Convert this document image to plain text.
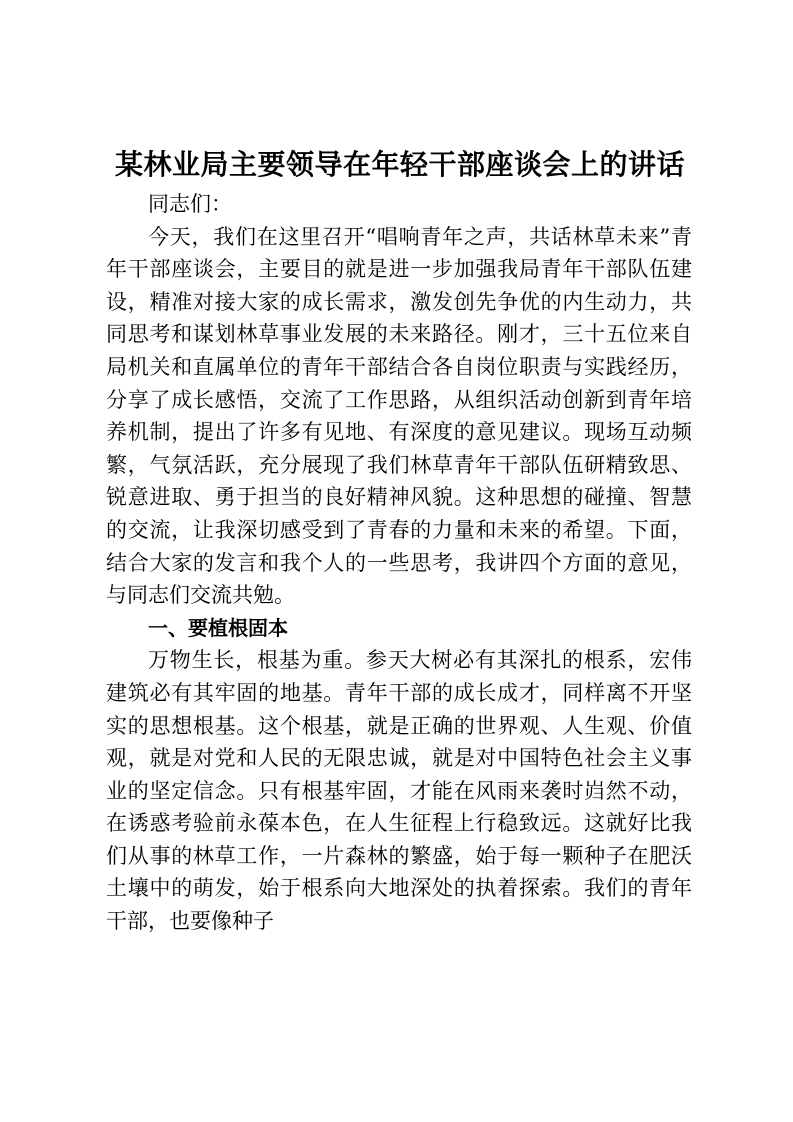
某林业局主要领导在年轻干部座谈会上的讲话

同志们：

今天，我们在这里召开“唱响青年之声，共话林草未来”青年干部座谈会，主要目的就是进一步加强我局青年干部队伍建设，精准对接大家的成长需求，激发创先争优的内生动力，共同思考和谋划林草事业发展的未来路径。刚才，三十五位来自局机关和直属单位的青年干部结合各自岗位职责与实践经历，分享了成长感悟，交流了工作思路，从组织活动创新到青年培养机制，提出了许多有见地、有深度的意见建议。现场互动频繁，气氛活跃，充分展现了我们林草青年干部队伍研精致思、锐意进取、勇于担当的良好精神风貌。这种思想的碰撞、智慧的交流，让我深切感受到了青春的力量和未来的希望。下面，结合大家的发言和我个人的一些思考，我讲四个方面的意见，与同志们交流共勉。

一、要植根固本

万物生长，根基为重。参天大树必有其深扎的根系，宏伟建筑必有其牢固的地基。青年干部的成长成才，同样离不开坚实的思想根基。这个根基，就是正确的世界观、人生观、价值观，就是对党和人民的无限忠诚，就是对中国特色社会主义事业的坚定信念。只有根基牢固，才能在风雨来袭时岿然不动，在诱惑考验前永葆本色，在人生征程上行稳致远。这就好比我们从事的林草工作，一片森林的繁盛，始于每一颗种子在肥沃土壤中的萌发，始于根系向大地深处的执着探索。我们的青年干部，也要像种子
